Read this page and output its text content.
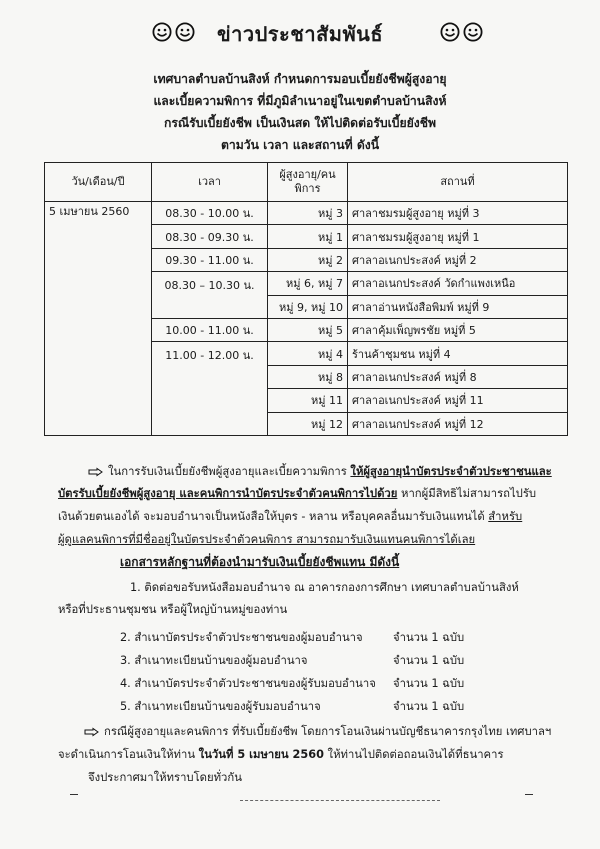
ข่าวประชาสัมพันธ์
เทศบาลตำบลบ้านสิงห์ กำหนดการมอบเบี้ยยังชีพผู้สูงอายุ
และเบี้ยความพิการ ที่มีภูมิลำเนาอยู่ในเขตตำบลบ้านสิงห์
กรณีรับเบี้ยยังชีพ เป็นเงินสด ให้ไปติดต่อรับเบี้ยยังชีพ
ตามวัน เวลา และสถานที่ ดังนี้
วัน/เดือน/ปี	เวลา	ผู้สูงอายุ/คน พิการ	สถานที่
5 เมษายน 2560	08.30 - 10.00 น.	หมู่ 3	ศาลาชมรมผู้สูงอายุ หมู่ที่ 3
	08.30 - 09.30 น.	หมู่ 1	ศาลาชมรมผู้สูงอายุ หมู่ที่ 1
	09.30 - 11.00 น.	หมู่ 2	ศาลาอเนกประสงค์ หมู่ที่ 2
	08.30 – 10.30 น.	หมู่ 6, หมู่ 7	ศาลาอเนกประสงค์ วัดกำแพงเหนือ
		หมู่ 9, หมู่ 10	ศาลาอ่านหนังสือพิมพ์ หมู่ที่ 9
	10.00 - 11.00 น.	หมู่ 5	ศาลาคุ้มเพ็ญพรชัย หมู่ที่ 5
	11.00 - 12.00 น.	หมู่ 4	ร้านค้าชุมชน หมู่ที่ 4
		หมู่ 8	ศาลาอเนกประสงค์ หมู่ที่ 8
		หมู่ 11	ศาลาอเนกประสงค์ หมู่ที่ 11
		หมู่ 12	ศาลาอเนกประสงค์ หมู่ที่ 12
ในการรับเงินเบี้ยยังชีพผู้สูงอายุและเบี้ยความพิการ ให้ผู้สูงอายุนำบัตรประจำตัวประชาชนและ
บัตรรับเบี้ยยังชีพผู้สูงอายุ และคนพิการนำบัตรประจำตัวคนพิการไปด้วย หากผู้มีสิทธิไม่สามารถไปรับ
เงินด้วยตนเองได้ จะมอบอำนาจเป็นหนังสือให้บุตร - หลาน หรือบุคคลอื่นมารับเงินแทนได้ สำหรับ
ผู้ดูแลคนพิการที่มีชื่ออยู่ในบัตรประจำตัวคนพิการ สามารถมารับเงินแทนคนพิการได้เลย
เอกสารหลักฐานที่ต้องนำมารับเงินเบี้ยยังชีพแทน มีดังนี้
1. ติดต่อขอรับหนังสือมอบอำนาจ ณ อาคารกองการศึกษา เทศบาลตำบลบ้านสิงห์
หรือที่ประธานชุมชน หรือผู้ใหญ่บ้านหมู่ของท่าน
2. สำเนาบัตรประจำตัวประชาชนของผู้มอบอำนาจ	จำนวน 1 ฉบับ
3. สำเนาทะเบียนบ้านของผู้มอบอำนาจ	จำนวน 1 ฉบับ
4. สำเนาบัตรประจำตัวประชาชนของผู้รับมอบอำนาจ	จำนวน 1 ฉบับ
5. สำเนาทะเบียนบ้านของผู้รับมอบอำนาจ	จำนวน 1 ฉบับ
กรณีผู้สูงอายุและคนพิการ ที่รับเบี้ยยังชีพ โดยการโอนเงินผ่านบัญชีธนาคารกรุงไทย เทศบาลฯ
จะดำเนินการโอนเงินให้ท่าน ในวันที่ 5 เมษายน 2560 ให้ท่านไปติดต่อถอนเงินได้ที่ธนาคาร
จึงประกาศมาให้ทราบโดยทั่วกัน
